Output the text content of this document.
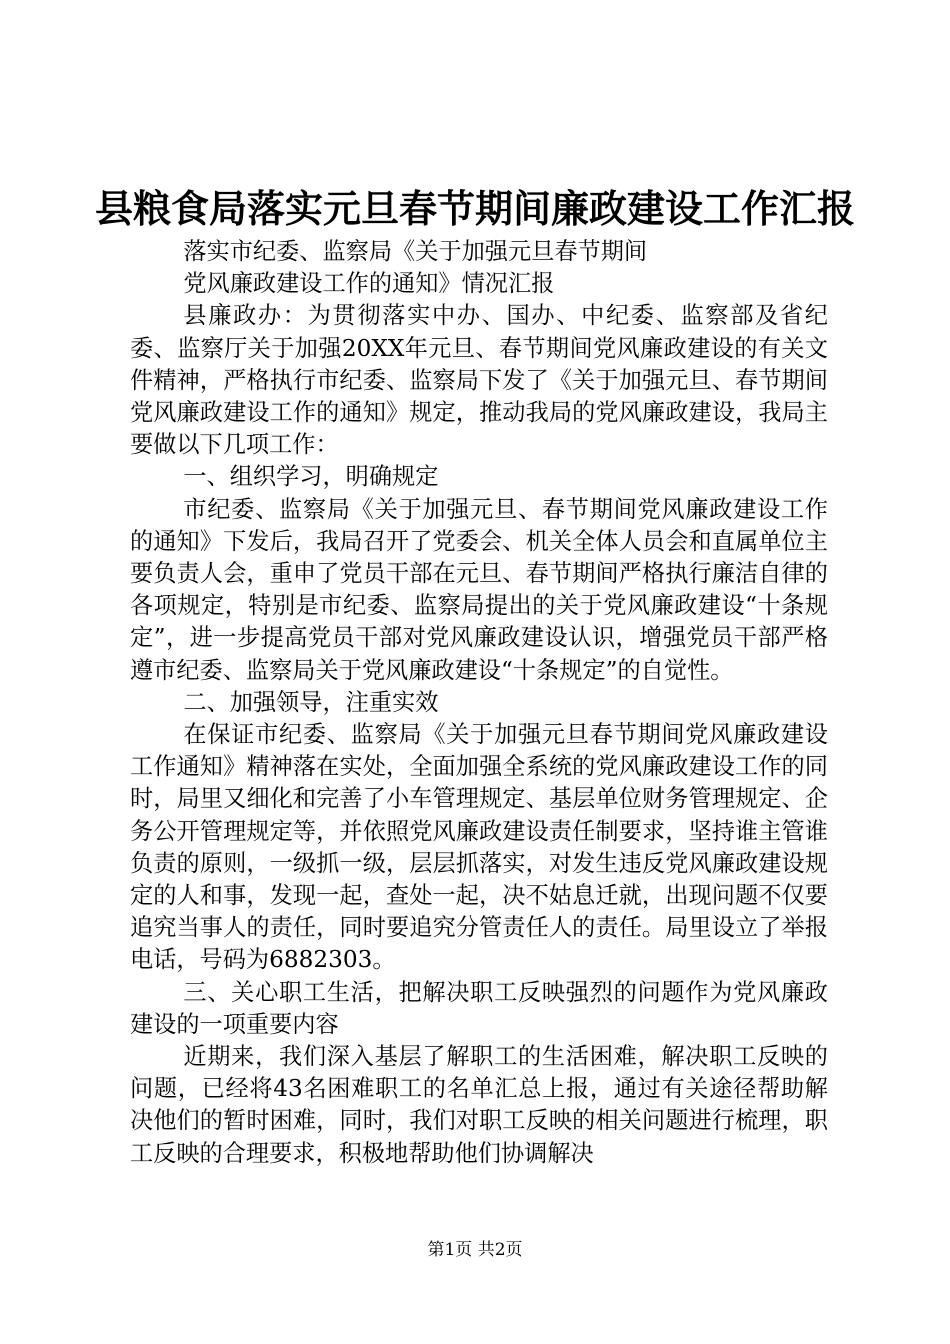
县粮食局落实元旦春节期间廉政建设工作汇报

落实市纪委、监察局《关于加强元旦春节期间

党风廉政建设工作的通知》情况汇报

县廉政办：为贯彻落实中办、国办、中纪委、监察部及省纪委、监察厅关于加强20XX年元旦、春节期间党风廉政建设的有关文件精神，严格执行市纪委、监察局下发了《关于加强元旦、春节期间党风廉政建设工作的通知》规定，推动我局的党风廉政建设，我局主要做以下几项工作：

一、组织学习，明确规定

市纪委、监察局《关于加强元旦、春节期间党风廉政建设工作的通知》下发后，我局召开了党委会、机关全体人员会和直属单位主要负责人会，重申了党员干部在元旦、春节期间严格执行廉洁自律的各项规定，特别是市纪委、监察局提出的关于党风廉政建设“十条规定”，进一步提高党员干部对党风廉政建设认识，增强党员干部严格遵市纪委、监察局关于党风廉政建设“十条规定”的自觉性。

二、加强领导，注重实效

在保证市纪委、监察局《关于加强元旦春节期间党风廉政建设工作通知》精神落在实处，全面加强全系统的党风廉政建设工作的同时，局里又细化和完善了小车管理规定、基层单位财务管理规定、企务公开管理规定等，并依照党风廉政建设责任制要求，坚持谁主管谁负责的原则，一级抓一级，层层抓落实，对发生违反党风廉政建设规定的人和事，发现一起，查处一起，决不姑息迁就，出现问题不仅要追究当事人的责任，同时要追究分管责任人的责任。局里设立了举报电话，号码为6882303。

三、关心职工生活，把解决职工反映强烈的问题作为党风廉政建设的一项重要内容

近期来，我们深入基层了解职工的生活困难，解决职工反映的问题，已经将43名困难职工的名单汇总上报，通过有关途径帮助解决他们的暂时困难，同时，我们对职工反映的相关问题进行梳理，职工反映的合理要求，积极地帮助他们协调解决

第1页 共2页
